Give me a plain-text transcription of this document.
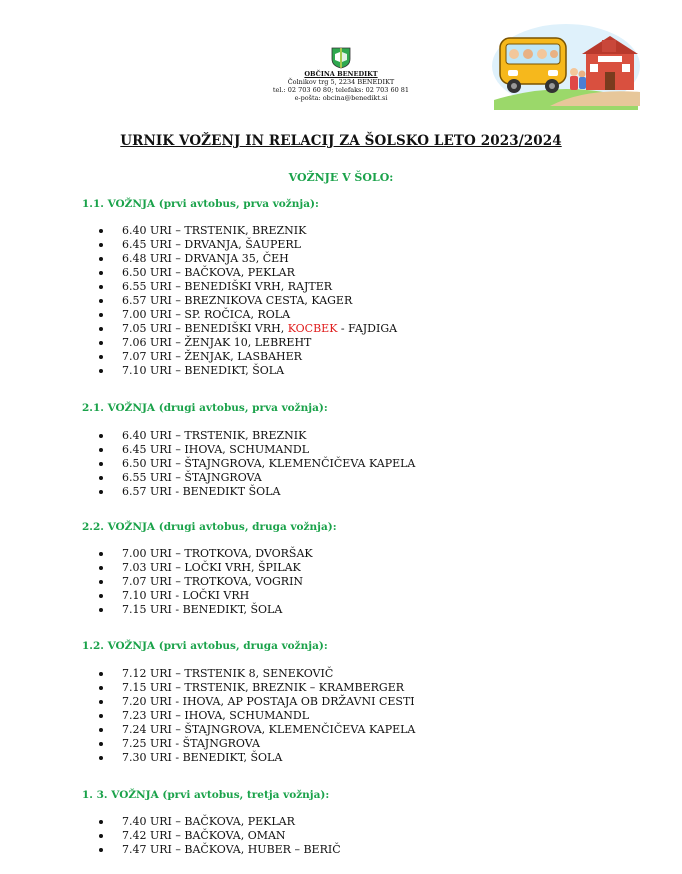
OBČINA BENEDIKT
Čolnikov trg 5, 2234 BENEDIKT
tel.: 02 703 60 80; telefaks: 02 703 60 81
e-pošta: obcina@benedikt.si
URNIK VOŽENJ IN RELACIJ ZA ŠOLSKO LETO 2023/2024
VOŽNJE V ŠOLO:
1.1. VOŽNJA (prvi avtobus, prva vožnja):
6.40 URI – TRSTENIK, BREZNIK
6.45 URI – DRVANJA, ŠAUPERL
6.48 URI – DRVANJA 35, ČEH
6.50 URI – BAČKOVA, PEKLAR
6.55 URI – BENEDIŠKI VRH, RAJTER
6.57 URI – BREZNIKOVA CESTA, KAGER
7.00 URI – SP. ROČICA, ROLA
7.05 URI – BENEDIŠKI VRH, KOCBEK - FAJDIGA
7.06 URI – ŽENJAK 10, LEBREHT
7.07 URI – ŽENJAK, LASBAHER
7.10 URI – BENEDIKT, ŠOLA
2.1. VOŽNJA (drugi avtobus, prva vožnja):
6.40 URI – TRSTENIK, BREZNIK
6.45 URI – IHOVA, SCHUMANDL
6.50 URI – ŠTAJNGROVA, KLEMENČIČEVA KAPELA
6.55 URI – ŠTAJNGROVA
6.57 URI - BENEDIKT ŠOLA
2.2. VOŽNJA (drugi avtobus, druga vožnja):
7.00 URI – TROTKOVA, DVORŠAK
7.03 URI – LOČKI VRH, ŠPILAK
7.07 URI – TROTKOVA, VOGRIN
7.10 URI - LOČKI VRH
7.15 URI - BENEDIKT, ŠOLA
1.2. VOŽNJA (prvi avtobus, druga vožnja):
7.12 URI – TRSTENIK 8, SENEKOVIČ
7.15 URI – TRSTENIK, BREZNIK – KRAMBERGER
7.20 URI - IHOVA, AP POSTAJA OB DRŽAVNI CESTI
7.23 URI – IHOVA, SCHUMANDL
7.24 URI – ŠTAJNGROVA, KLEMENČIČEVA KAPELA
7.25 URI - ŠTAJNGROVA
7.30 URI - BENEDIKT, ŠOLA
1. 3. VOŽNJA (prvi avtobus, tretja vožnja):
7.40 URI – BAČKOVA, PEKLAR
7.42 URI – BAČKOVA, OMAN
7.47 URI – BAČKOVA, HUBER – BERIČ
